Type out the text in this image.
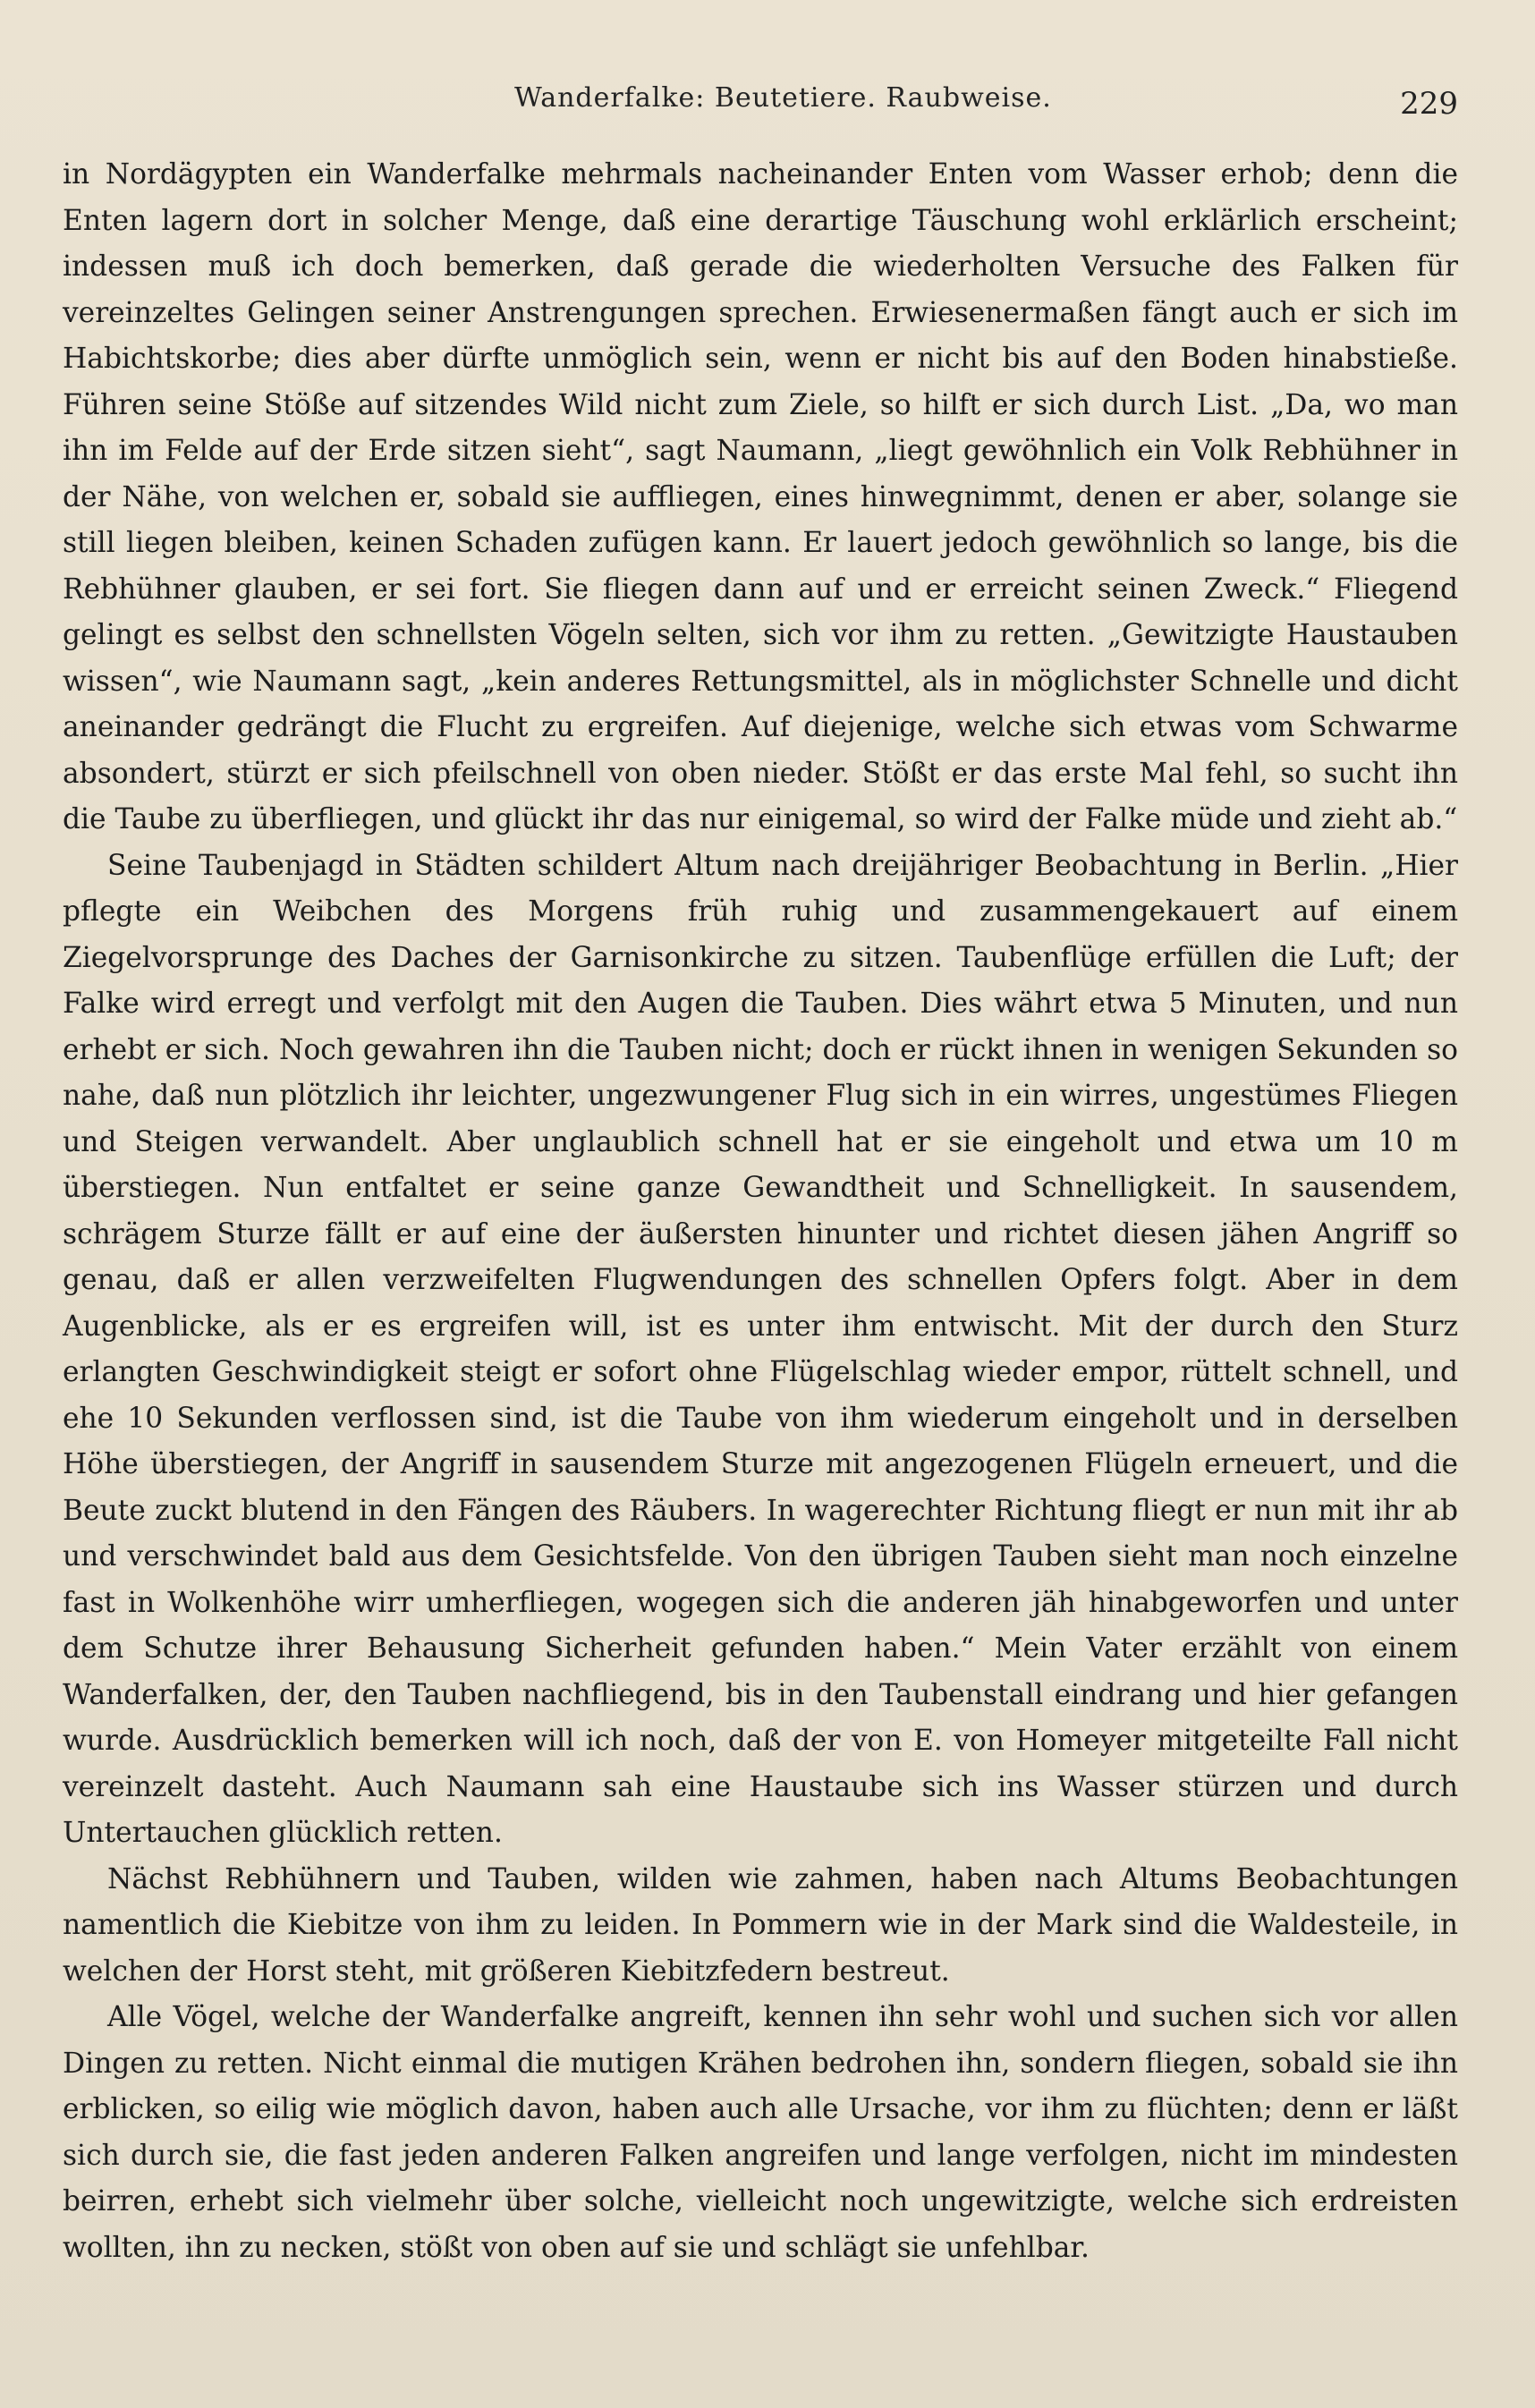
Wanderfalke: Beutetiere. Raubweise.	229

in Nordägypten ein Wanderfalke mehrmals nacheinander Enten vom Wasser erhob; denn die Enten lagern dort in solcher Menge, daß eine derartige Täuschung wohl erklärlich erscheint; indessen muß ich doch bemerken, daß gerade die wiederholten Versuche des Falken für vereinzeltes Gelingen seiner Anstrengungen sprechen. Erwiesenermaßen fängt auch er sich im Habichtskorbe; dies aber dürfte unmöglich sein, wenn er nicht bis auf den Boden hinabstieße. Führen seine Stöße auf sitzendes Wild nicht zum Ziele, so hilft er sich durch List. „Da, wo man ihn im Felde auf der Erde sitzen sieht“, sagt Naumann, „liegt gewöhnlich ein Volk Rebhühner in der Nähe, von welchen er, sobald sie auffliegen, eines hinwegnimmt, denen er aber, solange sie still liegen bleiben, keinen Schaden zufügen kann. Er lauert jedoch gewöhnlich so lange, bis die Rebhühner glauben, er sei fort. Sie fliegen dann auf und er erreicht seinen Zweck.“ Fliegend gelingt es selbst den schnellsten Vögeln selten, sich vor ihm zu retten. „Gewitzigte Haustauben wissen“, wie Naumann sagt, „kein anderes Rettungsmittel, als in möglichster Schnelle und dicht aneinander gedrängt die Flucht zu ergreifen. Auf diejenige, welche sich etwas vom Schwarme absondert, stürzt er sich pfeilschnell von oben nieder. Stößt er das erste Mal fehl, so sucht ihn die Taube zu überfliegen, und glückt ihr das nur einigemal, so wird der Falke müde und zieht ab.“

Seine Taubenjagd in Städten schildert Altum nach dreijähriger Beobachtung in Berlin. „Hier pflegte ein Weibchen des Morgens früh ruhig und zusammengekauert auf einem Ziegelvorsprunge des Daches der Garnisonkirche zu sitzen. Taubenflüge erfüllen die Luft; der Falke wird erregt und verfolgt mit den Augen die Tauben. Dies währt etwa 5 Minuten, und nun erhebt er sich. Noch gewahren ihn die Tauben nicht; doch er rückt ihnen in wenigen Sekunden so nahe, daß nun plötzlich ihr leichter, ungezwungener Flug sich in ein wirres, ungestümes Fliegen und Steigen verwandelt. Aber unglaublich schnell hat er sie eingeholt und etwa um 10 m überstiegen. Nun entfaltet er seine ganze Gewandtheit und Schnelligkeit. In sausendem, schrägem Sturze fällt er auf eine der äußersten hinunter und richtet diesen jähen Angriff so genau, daß er allen verzweifelten Flugwendungen des schnellen Opfers folgt. Aber in dem Augenblicke, als er es ergreifen will, ist es unter ihm entwischt. Mit der durch den Sturz erlangten Geschwindigkeit steigt er sofort ohne Flügelschlag wieder empor, rüttelt schnell, und ehe 10 Sekunden verflossen sind, ist die Taube von ihm wiederum eingeholt und in derselben Höhe überstiegen, der Angriff in sausendem Sturze mit angezogenen Flügeln erneuert, und die Beute zuckt blutend in den Fängen des Räubers. In wagerechter Richtung fliegt er nun mit ihr ab und verschwindet bald aus dem Gesichtsfelde. Von den übrigen Tauben sieht man noch einzelne fast in Wolkenhöhe wirr umherfliegen, wogegen sich die anderen jäh hinabgeworfen und unter dem Schutze ihrer Behausung Sicherheit gefunden haben.“ Mein Vater erzählt von einem Wanderfalken, der, den Tauben nachfliegend, bis in den Taubenstall eindrang und hier gefangen wurde. Ausdrücklich bemerken will ich noch, daß der von E. von Homeyer mitgeteilte Fall nicht vereinzelt dasteht. Auch Naumann sah eine Haustaube sich ins Wasser stürzen und durch Untertauchen glücklich retten.

Nächst Rebhühnern und Tauben, wilden wie zahmen, haben nach Altums Beobachtungen namentlich die Kiebitze von ihm zu leiden. In Pommern wie in der Mark sind die Waldesteile, in welchen der Horst steht, mit größeren Kiebitzfedern bestreut.

Alle Vögel, welche der Wanderfalke angreift, kennen ihn sehr wohl und suchen sich vor allen Dingen zu retten. Nicht einmal die mutigen Krähen bedrohen ihn, sondern fliegen, sobald sie ihn erblicken, so eilig wie möglich davon, haben auch alle Ursache, vor ihm zu flüchten; denn er läßt sich durch sie, die fast jeden anderen Falken angreifen und lange verfolgen, nicht im mindesten beirren, erhebt sich vielmehr über solche, vielleicht noch ungewitzigte, welche sich erdreisten wollten, ihn zu necken, stößt von oben auf sie und schlägt sie unfehlbar.
